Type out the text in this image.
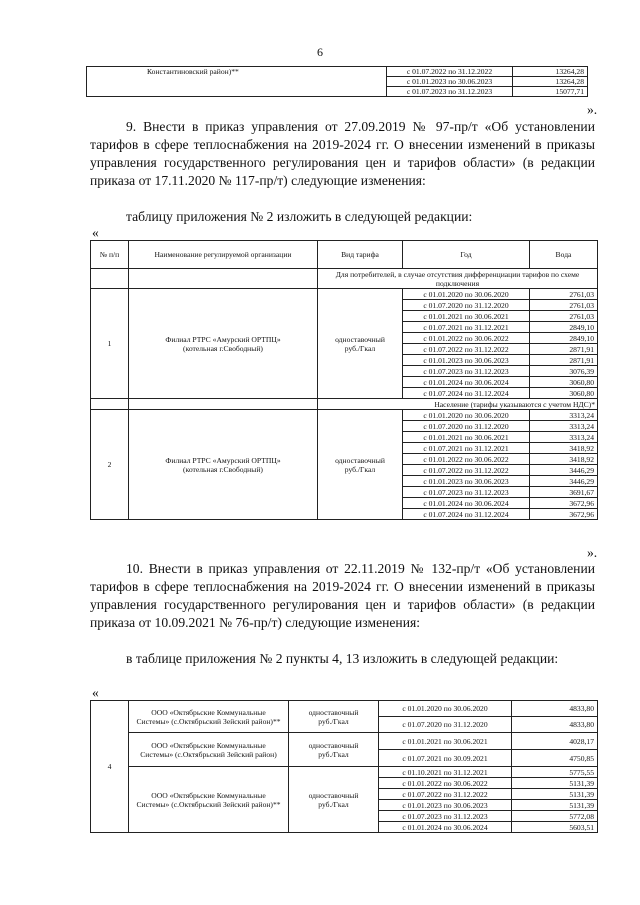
6
Константиновский район)**	с 01.07.2022 по 31.12.2022	13264,28
	с 01.01.2023 по 30.06.2023	13264,28
	с 01.07.2023 по 31.12.2023	15077,71
».
9. Внести в приказ управления от 27.09.2019 № 97-пр/т «Об установлении тарифов в сфере теплоснабжения на 2019-2024 гг. О внесении изменений в приказы управления государственного регулирования цен и тарифов области» (в редакции приказа от 17.11.2020 № 117-пр/т) следующие изменения:
таблицу приложения № 2 изложить в следующей редакции:
«
№ п/п	Наименование регулируемой организации	Вид тарифа	Год	Вода
		Для потребителей, в случае отсутствия дифференциации тарифов по схеме подключения		
1	Филиал РТРС «Амурский ОРТПЦ» (котельная г.Свободный)	одноставочный руб./Гкал	с 01.01.2020 по 30.06.2020	2761,03
			с 01.07.2020 по 31.12.2020	2761,03
			с 01.01.2021 по 30.06.2021	2761,03
			с 01.07.2021 по 31.12.2021	2849,10
			с 01.01.2022 по 30.06.2022	2849,10
			с 01.07.2022 по 31.12.2022	2871,91
			с 01.01.2023 по 30.06.2023	2871,91
			с 01.07.2023 по 31.12.2023	3076,39
			с 01.01.2024 по 30.06.2024	3060,80
			с 01.07.2024 по 31.12.2024	3060,80
		Население (тарифы указываются с учетом НДС)*		
2	Филиал РТРС «Амурский ОРТПЦ» (котельная г.Свободный)	одноставочный руб./Гкал	с 01.01.2020 по 30.06.2020	3313,24
			с 01.07.2020 по 31.12.2020	3313,24
			с 01.01.2021 по 30.06.2021	3313,24
			с 01.07.2021 по 31.12.2021	3418,92
			с 01.01.2022 по 30.06.2022	3418,92
			с 01.07.2022 по 31.12.2022	3446,29
			с 01.01.2023 по 30.06.2023	3446,29
			с 01.07.2023 по 31.12.2023	3691,67
			с 01.01.2024 по 30.06.2024	3672,96
			с 01.07.2024 по 31.12.2024	3672,96
».
10. Внести в приказ управления от 22.11.2019 № 132-пр/т «Об установлении тарифов в сфере теплоснабжения на 2019-2024 гг. О внесении изменений в приказы управления государственного регулирования цен и тарифов области» (в редакции приказа от 10.09.2021 № 76-пр/т) следующие изменения:
в таблице приложения № 2 пункты 4, 13 изложить в следующей редакции:
«
4	ООО «Октябрьские Коммунальные Системы» (с.Октябрьский Зейский район)**	одноставочный руб./Гкал	с 01.01.2020 по 30.06.2020	4833,80
			с 01.07.2020 по 31.12.2020	4833,80
	ООО «Октябрьские Коммунальные Системы» (с.Октябрьский Зейский район)	одноставочный руб./Гкал	с 01.01.2021 по 30.06.2021	4028,17
			с 01.07.2021 по 30.09.2021	4750,85
	ООО «Октябрьские Коммунальные Системы» (с.Октябрьский Зейский район)**	одноставочный руб./Гкал	с 01.10.2021 по 31.12.2021	5775,55
			с 01.01.2022 по 30.06.2022	5131,39
			с 01.07.2022 по 31.12.2022	5131,39
			с 01.01.2023 по 30.06.2023	5131,39
			с 01.07.2023 по 31.12.2023	5772,08
			с 01.01.2024 по 30.06.2024	5603,51
